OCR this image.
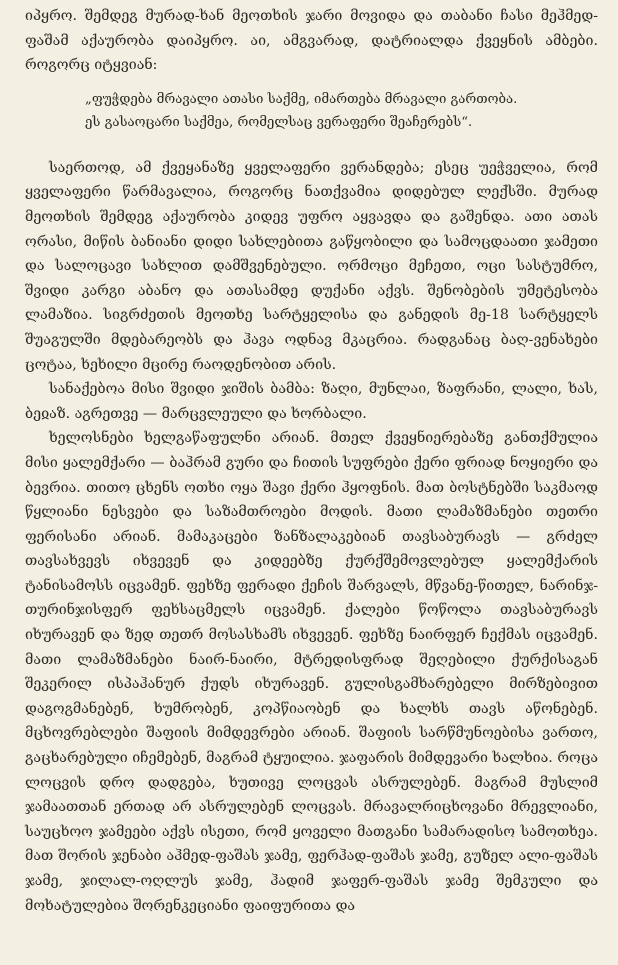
იპყრო. შემდეგ მურად-ხან მეოთხის ჯარი მოვიდა და თაბანი ჩასი მეჰმედ-ფაშამ აქაურობა დაიპყრო. აი, ამგვარად, დატრიალდა ქვეყნის ამბები. როგორც იტყვიან:

„ფუჭდება მრავალი ათასი საქმე, იმართება მრავალი გართობა.
ეს გასაოცარი საქმეა, რომელსაც ვერაფერი შეაჩერებს“.

საერთოდ, ამ ქვეყანაზე ყველაფერი ვერანდება; ესეც უეჭველია, რომ ყველაფერი წარმავალია, როგორც ნათქვამია დიდებულ ლექსში. მურად მეოთხის შემდეგ აქაურობა კიდევ უფრო აყვავდა და გაშენდა. ათი ათას ორასი, მიწის ბანიანი დიდი სახლებითა გაწყობილი და სამოცდაათი ჯამეთი და სალოცავი სახლით დამშვენებული. ორმოცი მეჩეთი, ოცი სასტუმრო, შვიდი კარგი აბანო და ათასამდე დუქანი აქვს. შენობების უმეტესობა ლამაზია. სიგრძეთის მეოთხე სარტყელისა და განედის მე-18 სარტყელს შუაგულში მდებარეობს და ჰავა ოდნავ მკაცრია. რადგანაც ბაღ-ვენახები ცოტაა, ხეხილი მცირე რაოდენობით არის.

სანაქებოა მისი შვიდი ჯიშის ბამბა: ზაღი, მუნლაი, ზაფრანი, ლალი, ხას, ბეჲაზ. აგრეთვე — მარცვლეული და ხორბალი.

ხელოსნები ხელგაწაფულნი არიან. მთელ ქვეყნიერებაზე განთქმულია მისი ყალემქარი — ბაჰრამ გური და ჩითის სუფრები ქერი ფრიად ნოყიერი და ბევრია. თითო ცხენს ოთხი ოყა შავი ქერი ჰყოფნის. მათ ბოსტნებში საკმაოდ წყლიანი ნესვები და საზამთროები მოდის. მათი ლამაზმანები თეთრი ფერისანი არიან. მამაკაცები ზანზალაკებიან თავსაბურავს — გრძელ თავსახვევს იხვევენ და კიდეებზე ქურქშემოვლებულ ყალემქარის ტანისამოსს იცვამენ. ფეხზე ფერადი ქეჩის შარვალს, მწვანე-წითელ, ნარინჯ-თურინჯისფერ ფეხსაცმელს იცვამენ. ქალები წოწოლა თავსაბურავს იხურავენ და ზედ თეთრ მოსასხამს იხვევენ. ფეხზე ნაირფერ ჩექმას იცვამენ. მათი ლამაზმანები ნაირ-ნაირი, მტრედისფრად შეღებილი ქურქისაგან შეკერილ ისპაჰანურ ქუდს იხურავენ. გულისგამხარებელი მირზებივით დაგოგმანებენ, ხუმრობენ, კოპწიაობენ და ხალხს თავს აწონებენ. მცხოვრებლები შაფიის მიმდევრები არიან. შაფიის სარწმუნოებისა ვართო, გაცხარებული იჩემებენ, მაგრამ ტყუილია. ჯაფარის მიმდევარი ხალხია. როცა ლოცვის დრო დადგება, ხუთივე ლოცვას ასრულებენ. მაგრამ მუსლიმ ჯამაათთან ერთად არ ასრულებენ ლოცვას. მრავალრიცხოვანი მრევლიანი, საუცხოო ჯამეები აქვს ისეთი, რომ ყოველი მათგანი სამარადისო სამოთხეა. მათ შორის ჯენაბი აჰმედ-ფაშას ჯამე, ფერჰად-ფაშას ჯამე, გუზელ ალი-ფაშას ჯამე, ჯილალ-ოღლუს ჯამე, ჰადიმ ჯაფერ-ფაშას ჯამე შემკული და მოხატულებია შორენკეციანი ფაიფურითა და
